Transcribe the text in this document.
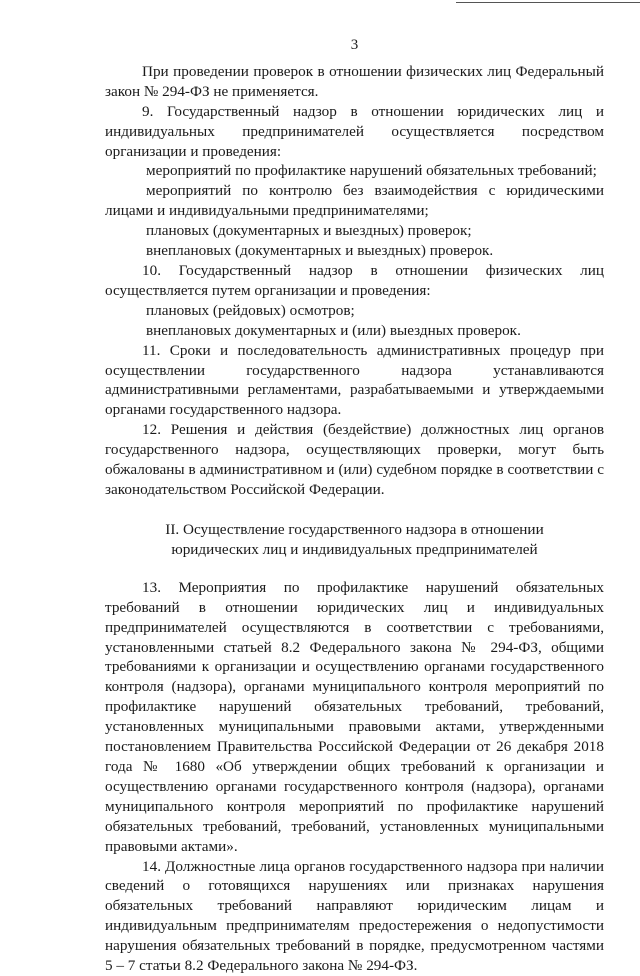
3

При проведении проверок в отношении физических лиц Федеральный закон № 294-ФЗ не применяется.

9. Государственный надзор в отношении юридических лиц и индивидуальных предпринимателей осуществляется посредством организации и проведения:

мероприятий по профилактике нарушений обязательных требований;

мероприятий по контролю без взаимодействия с юридическими лицами и индивидуальными предпринимателями;

плановых (документарных и выездных) проверок;

внеплановых (документарных и выездных) проверок.

10. Государственный надзор в отношении физических лиц осуществляется путем организации и проведения:

плановых (рейдовых) осмотров;

внеплановых документарных и (или) выездных проверок.

11. Сроки и последовательность административных процедур при осуществлении государственного надзора устанавливаются административными регламентами, разрабатываемыми и утверждаемыми органами государственного надзора.

12. Решения и действия (бездействие) должностных лиц органов государственного надзора, осуществляющих проверки, могут быть обжалованы в административном и (или) судебном порядке в соответствии с законодательством Российской Федерации.

II. Осуществление государственного надзора в отношении
юридических лиц и индивидуальных предпринимателей

13. Мероприятия по профилактике нарушений обязательных требований в отношении юридических лиц и индивидуальных предпринимателей осуществляются в соответствии с требованиями, установленными статьей 8.2 Федерального закона № 294-ФЗ, общими требованиями к организации и осуществлению органами государственного контроля (надзора), органами муниципального контроля мероприятий по профилактике нарушений обязательных требований, требований, установленных муниципальными правовыми актами, утвержденными постановлением Правительства Российской Федерации от 26 декабря 2018 года № 1680 «Об утверждении общих требований к организации и осуществлению органами государственного контроля (надзора), органами муниципального контроля мероприятий по профилактике нарушений обязательных требований, требований, установленных муниципальными правовыми актами».

14. Должностные лица органов государственного надзора при наличии сведений о готовящихся нарушениях или признаках нарушения обязательных требований направляют юридическим лицам и индивидуальным предпринимателям предостережения о недопустимости нарушения обязательных требований в порядке, предусмотренном частями 5 – 7 статьи 8.2 Федерального закона № 294-ФЗ.
